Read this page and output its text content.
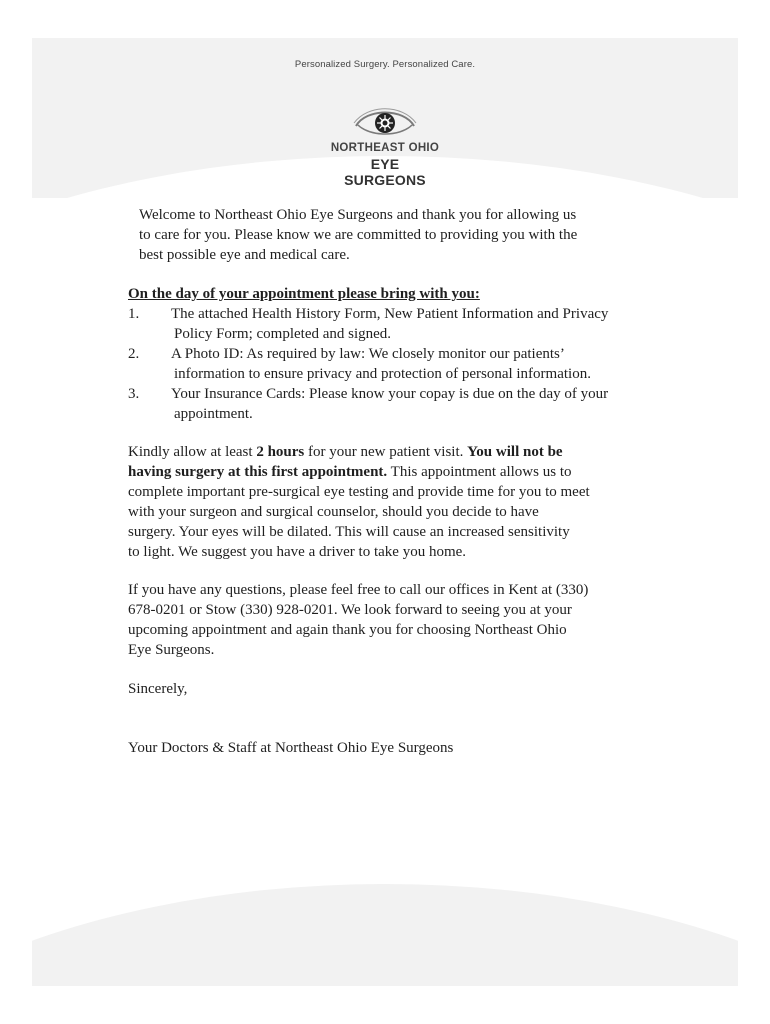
Personalized Surgery. Personalized Care.
NORTHEAST OHIO
EYE SURGEONS
Welcome to Northeast Ohio Eye Surgeons and thank you for allowing us
to care for you. Please know we are committed to providing you with the
best possible eye and medical care.
On the day of your appointment please bring with you:
1. The attached Health History Form, New Patient Information and Privacy
Policy Form; completed and signed.
2. A Photo ID: As required by law: We closely monitor our patients’
information to ensure privacy and protection of personal information.
3. Your Insurance Cards: Please know your copay is due on the day of your
appointment.
Kindly allow at least 2 hours for your new patient visit. You will not be
having surgery at this first appointment. This appointment allows us to
complete important pre-surgical eye testing and provide time for you to meet
with your surgeon and surgical counselor, should you decide to have
surgery. Your eyes will be dilated. This will cause an increased sensitivity
to light. We suggest you have a driver to take you home.
If you have any questions, please feel free to call our offices in Kent at (330)
678-0201 or Stow (330) 928-0201. We look forward to seeing you at your
upcoming appointment and again thank you for choosing Northeast Ohio
Eye Surgeons.
Sincerely,
Your Doctors & Staff at Northeast Ohio Eye Surgeons
